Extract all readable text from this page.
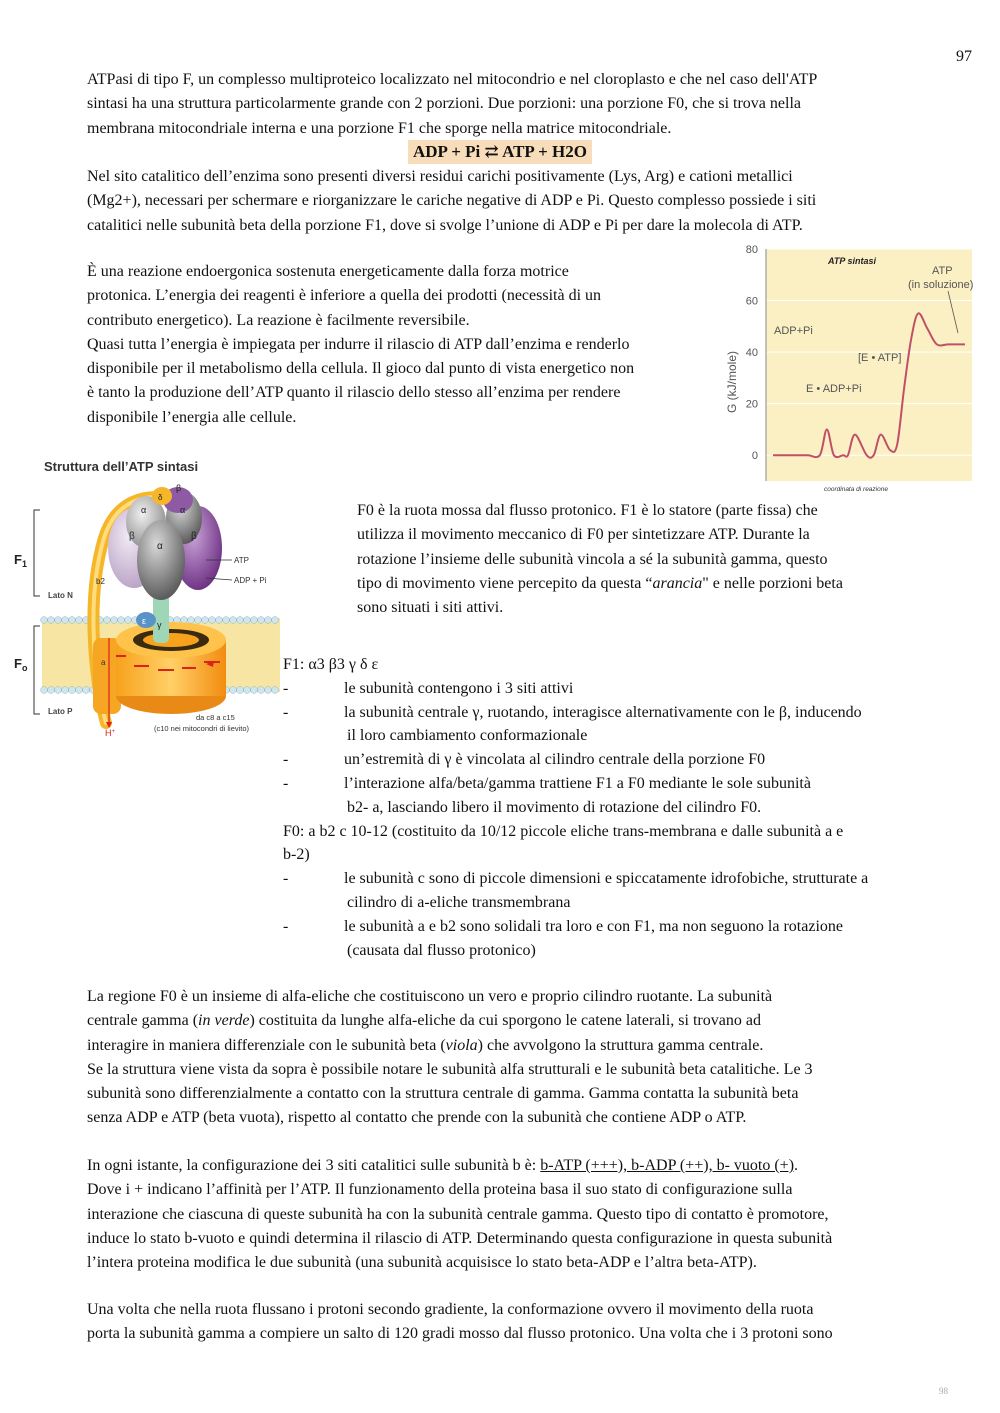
97

ATPasi di tipo F, un complesso multiproteico localizzato nel mitocondrio e nel cloroplasto e che nel caso dell'ATP

sintasi ha una struttura particolarmente grande con 2 porzioni. Due porzioni: una porzione F0, che si trova nella

membrana mitocondriale interna e una porzione F1 che sporge nella matrice mitocondriale.

ADP + Pi ⇄ ATP + H2O

Nel sito catalitico dell’enzima sono presenti diversi residui carichi positivamente (Lys, Arg) e cationi metallici

(Mg2+), necessari per schermare e riorganizzare le cariche negative di ADP e Pi. Questo complesso possiede i siti

catalitici nelle subunità beta della porzione F1, dove si svolge l’unione di ADP e Pi per dare la molecola di ATP.

È una reazione endoergonica sostenuta energeticamente dalla forza motrice

protonica. L’energia dei reagenti è inferiore a quella dei prodotti (necessità di un

contributo energetico). La reazione è facilmente reversibile.

Quasi tutta l’energia è impiegata per indurre il rilascio di ATP dall’enzima e renderlo

disponibile per il metabolismo della cellula. Il gioco dal punto di vista energetico non

è tanto la produzione dell’ATP quanto il rilascio dello stesso all’enzima per rendere

disponibile l’energia alle cellule.

0
20
40
60
80
ATP sintasi
G (kJ/mole)
coordinata di reazione
ADP+Pi
E • ADP+Pi
[E • ATP]
ATP
(in soluzione)
Struttura dell’ATP sintasi
$F_1$
$F_o$
Lato N
Lato P
b2
a
H+
γ
ε
δ
β
α	α
β
α
β
ATP
ADP + Pi
da c8 a c15
(c10 nei mitocondri di lievito)

F0 è la ruota mossa dal flusso protonico. F1 è lo statore (parte fissa) che

utilizza il movimento meccanico di F0 per sintetizzare ATP. Durante la

rotazione l’insieme delle subunità vincola a sé la subunità gamma, questo

tipo di movimento viene percepito da questa “arancia" e nelle porzioni beta

sono situati i siti attivi.

F1: α3 β3 γ δ ε
-	le subunità contengono i 3 siti attivi
-	la subunità centrale γ, ruotando, interagisce alternativamente con le β, inducendo
il loro cambiamento conformazionale
-	un’estremità di γ è vincolata al cilindro centrale della porzione F0
-	l’interazione alfa/beta/gamma trattiene F1 a F0 mediante le sole subunità
b2- a, lasciando libero il movimento di rotazione del cilindro F0.
F0: a b2 c 10-12 (costituito da 10/12 piccole eliche trans-membrana e dalle subunità a e
b-2)
-	le subunità c sono di piccole dimensioni e spiccatamente idrofobiche, strutturate a
cilindro di a-eliche transmembrana
-	le subunità a e b2 sono solidali tra loro e con F1, ma non seguono la rotazione
(causata dal flusso protonico)

La regione F0 è un insieme di alfa-eliche che costituiscono un vero e proprio cilindro ruotante. La subunità

centrale gamma (in verde) costituita da lunghe alfa-eliche da cui sporgono le catene laterali, si trovano ad

interagire in maniera differenziale con le subunità beta (viola) che avvolgono la struttura gamma centrale.

Se la struttura viene vista da sopra è possibile notare le subunità alfa strutturali e le subunità beta catalitiche. Le 3

subunità sono differenzialmente a contatto con la struttura centrale di gamma. Gamma contatta la subunità beta

senza ADP e ATP (beta vuota), rispetto al contatto che prende con la subunità che contiene ADP o ATP.

In ogni istante, la configurazione dei 3 siti catalitici sulle subunità b è: b-ATP (+++), b-ADP (++), b- vuoto (+).

Dove i + indicano l’affinità per l’ATP. Il funzionamento della proteina basa il suo stato di configurazione sulla

interazione che ciascuna di queste subunità ha con la subunità centrale gamma. Questo tipo di contatto è promotore,

induce lo stato b-vuoto e quindi determina il rilascio di ATP. Determinando questa configurazione in questa subunità

l’intera proteina modifica le due subunità (una subunità acquisisce lo stato beta-ADP e l’altra beta-ATP).

Una volta che nella ruota flussano i protoni secondo gradiente, la conformazione ovvero il movimento della ruota

porta la subunità gamma a compiere un salto di 120 gradi mosso dal flusso protonico. Una volta che i 3 protoni sono

98
